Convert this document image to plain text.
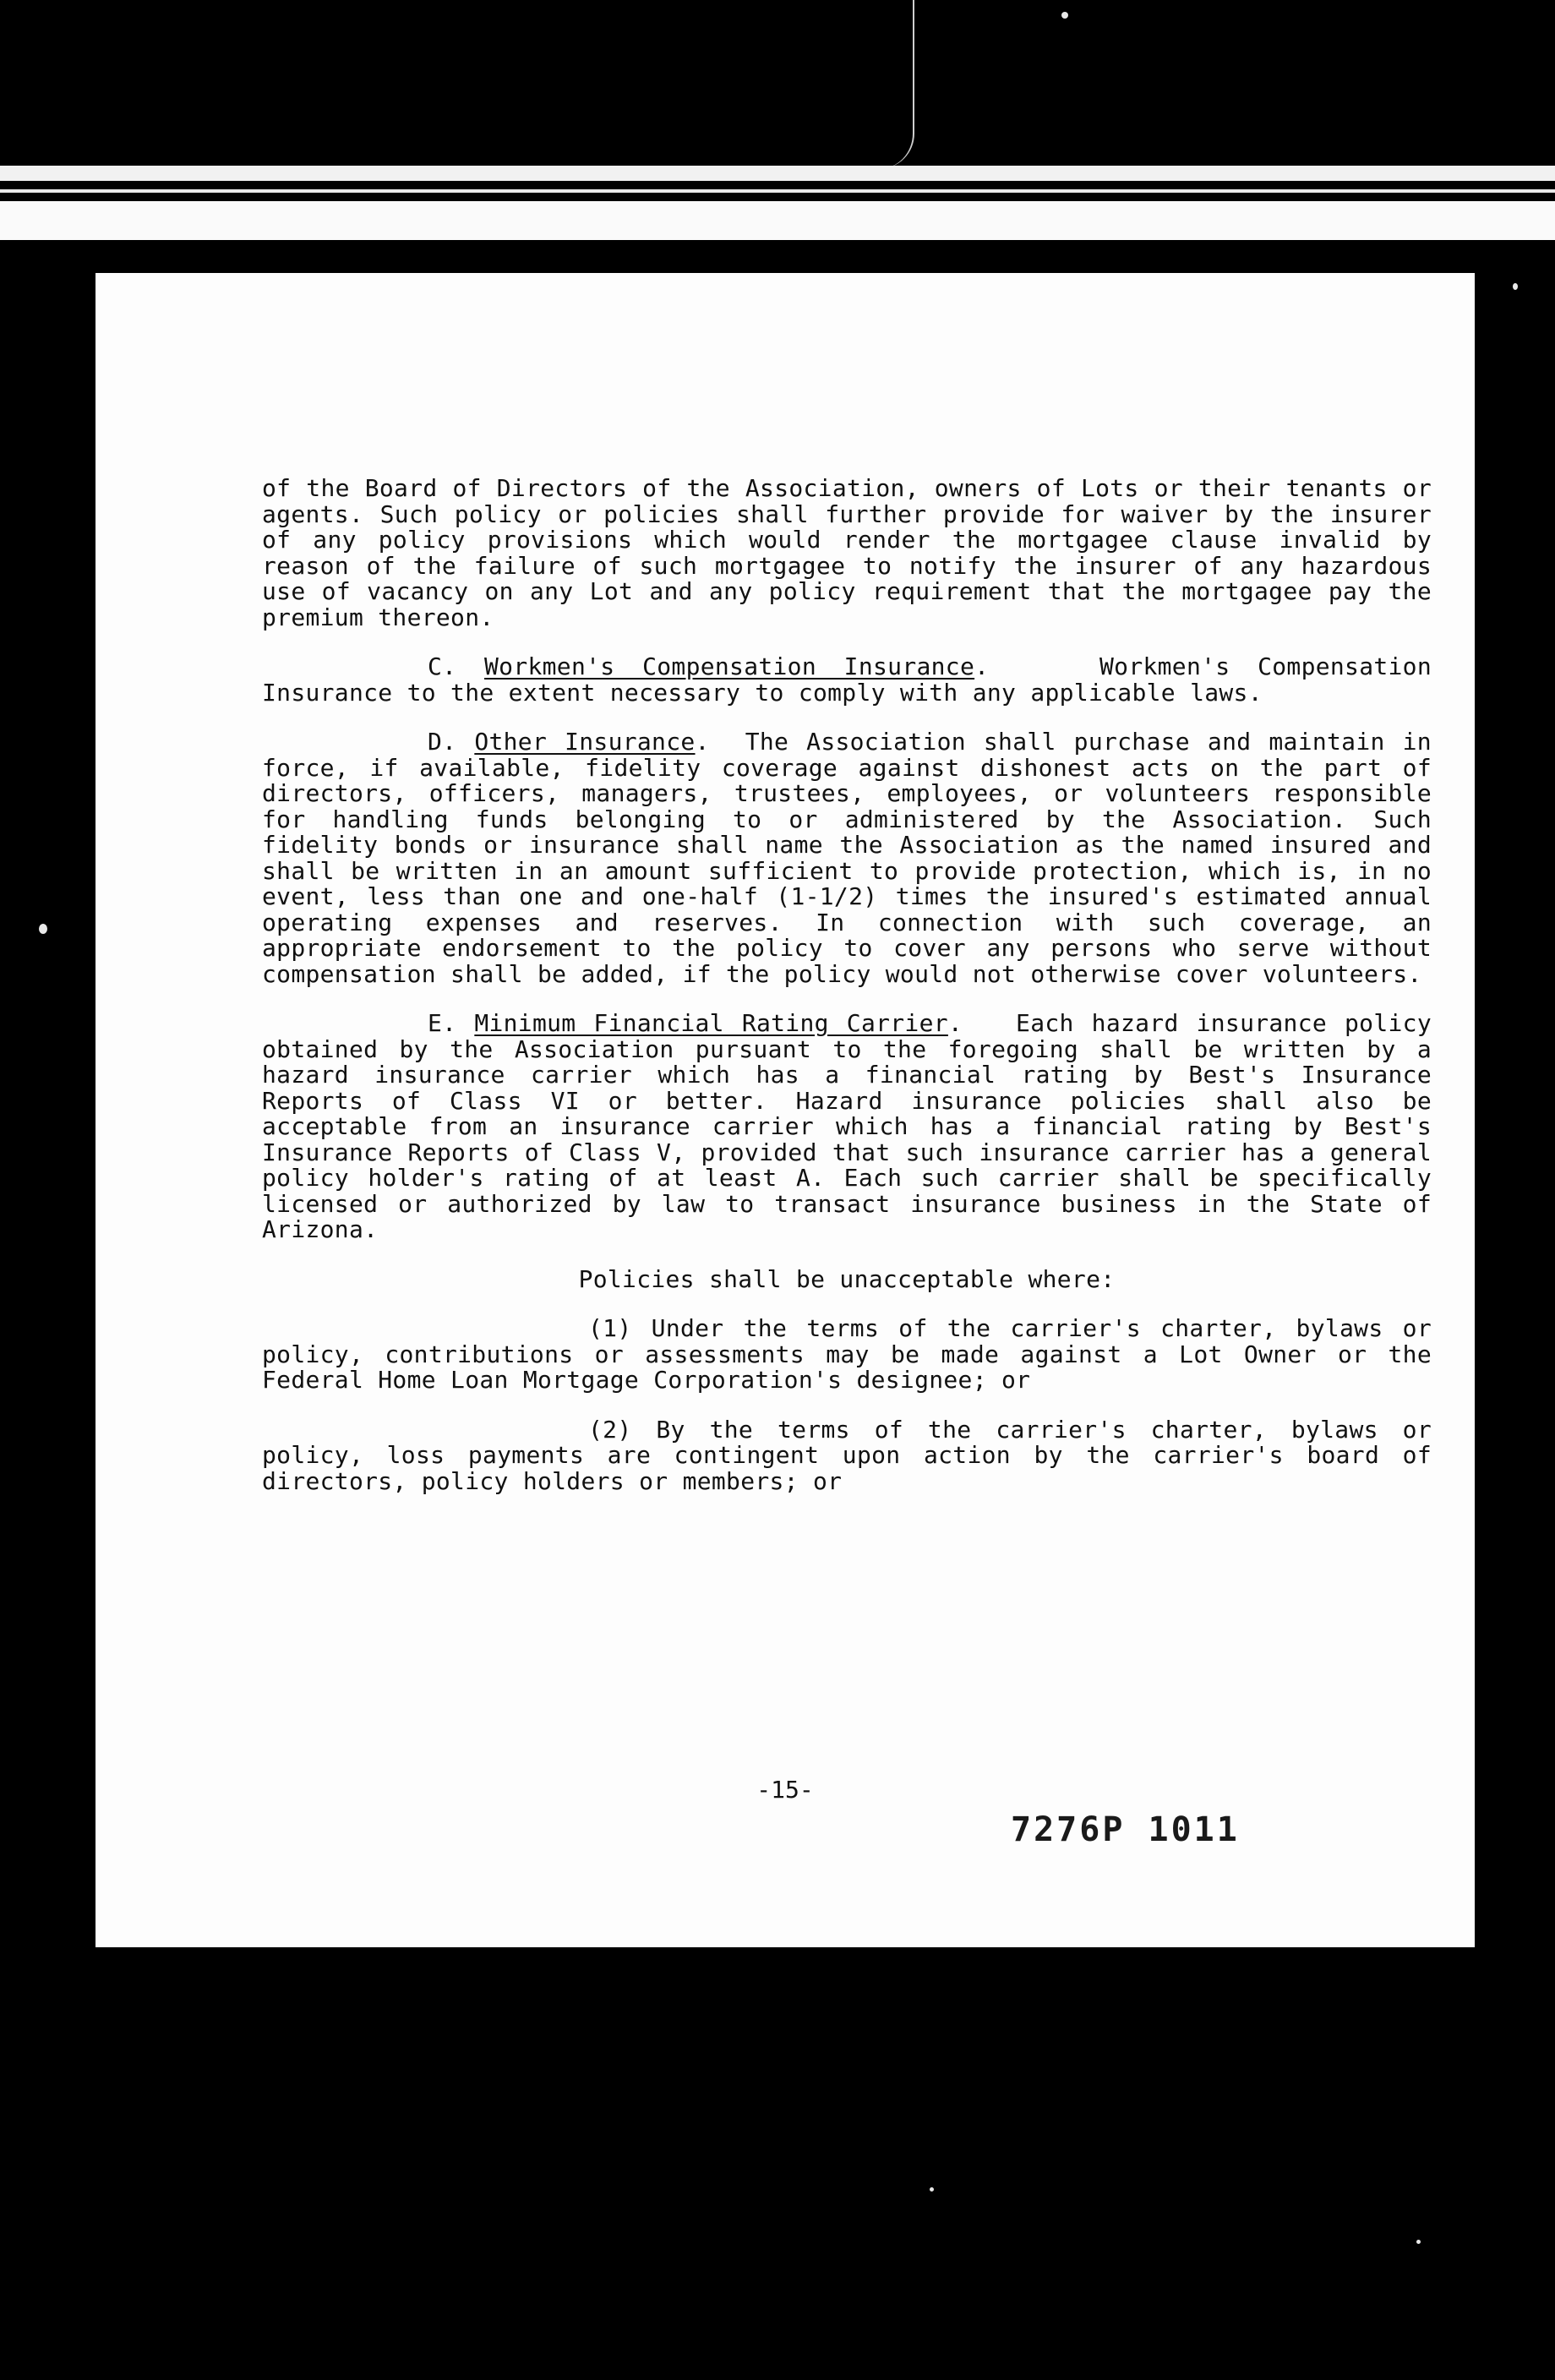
of the Board of Directors of the Association, owners of Lots or their tenants or agents. Such policy or policies shall further provide for waiver by the insurer of any policy provisions which would render the mortgagee clause invalid by reason of the failure of such mortgagee to notify the insurer of any hazardous use of vacancy on any Lot and any policy requirement that the mortgagee pay the premium thereon.

C. Workmen's Compensation Insurance.    Workmen's Compensation Insurance to the extent necessary to comply with any applicable laws.

D. Other Insurance.  The Association shall purchase and maintain in force, if available, fidelity coverage against dishonest acts on the part of directors, officers, managers, trustees, employees, or volunteers responsible for handling funds belonging to or administered by the Association. Such fidelity bonds or insurance shall name the Association as the named insured and shall be written in an amount sufficient to provide protection, which is, in no event, less than one and one-half (1-1/2) times the insured's estimated annual operating expenses and reserves. In connection with such coverage, an appropriate endorsement to the policy to cover any persons who serve without compensation shall be added, if the policy would not otherwise cover volunteers.

E. Minimum Financial Rating Carrier.   Each hazard insurance policy obtained by the Association pursuant to the foregoing shall be written by a hazard insurance carrier which has a financial rating by Best's Insurance Reports of Class VI or better. Hazard insurance policies shall also be acceptable from an insurance carrier which has a financial rating by Best's Insurance Reports of Class V, provided that such insurance carrier has a general policy holder's rating of at least A. Each such carrier shall be specifically licensed or authorized by law to transact insurance business in the State of Arizona.

Policies shall be unacceptable where:

(1) Under the terms of the carrier's charter, bylaws or policy, contributions or assessments may be made against a Lot Owner or the Federal Home Loan Mortgage Corporation's designee; or

(2) By the terms of the carrier's charter, bylaws or policy, loss payments are contingent upon action by the carrier's board of directors, policy holders or members; or

-15-
7276P 1011
